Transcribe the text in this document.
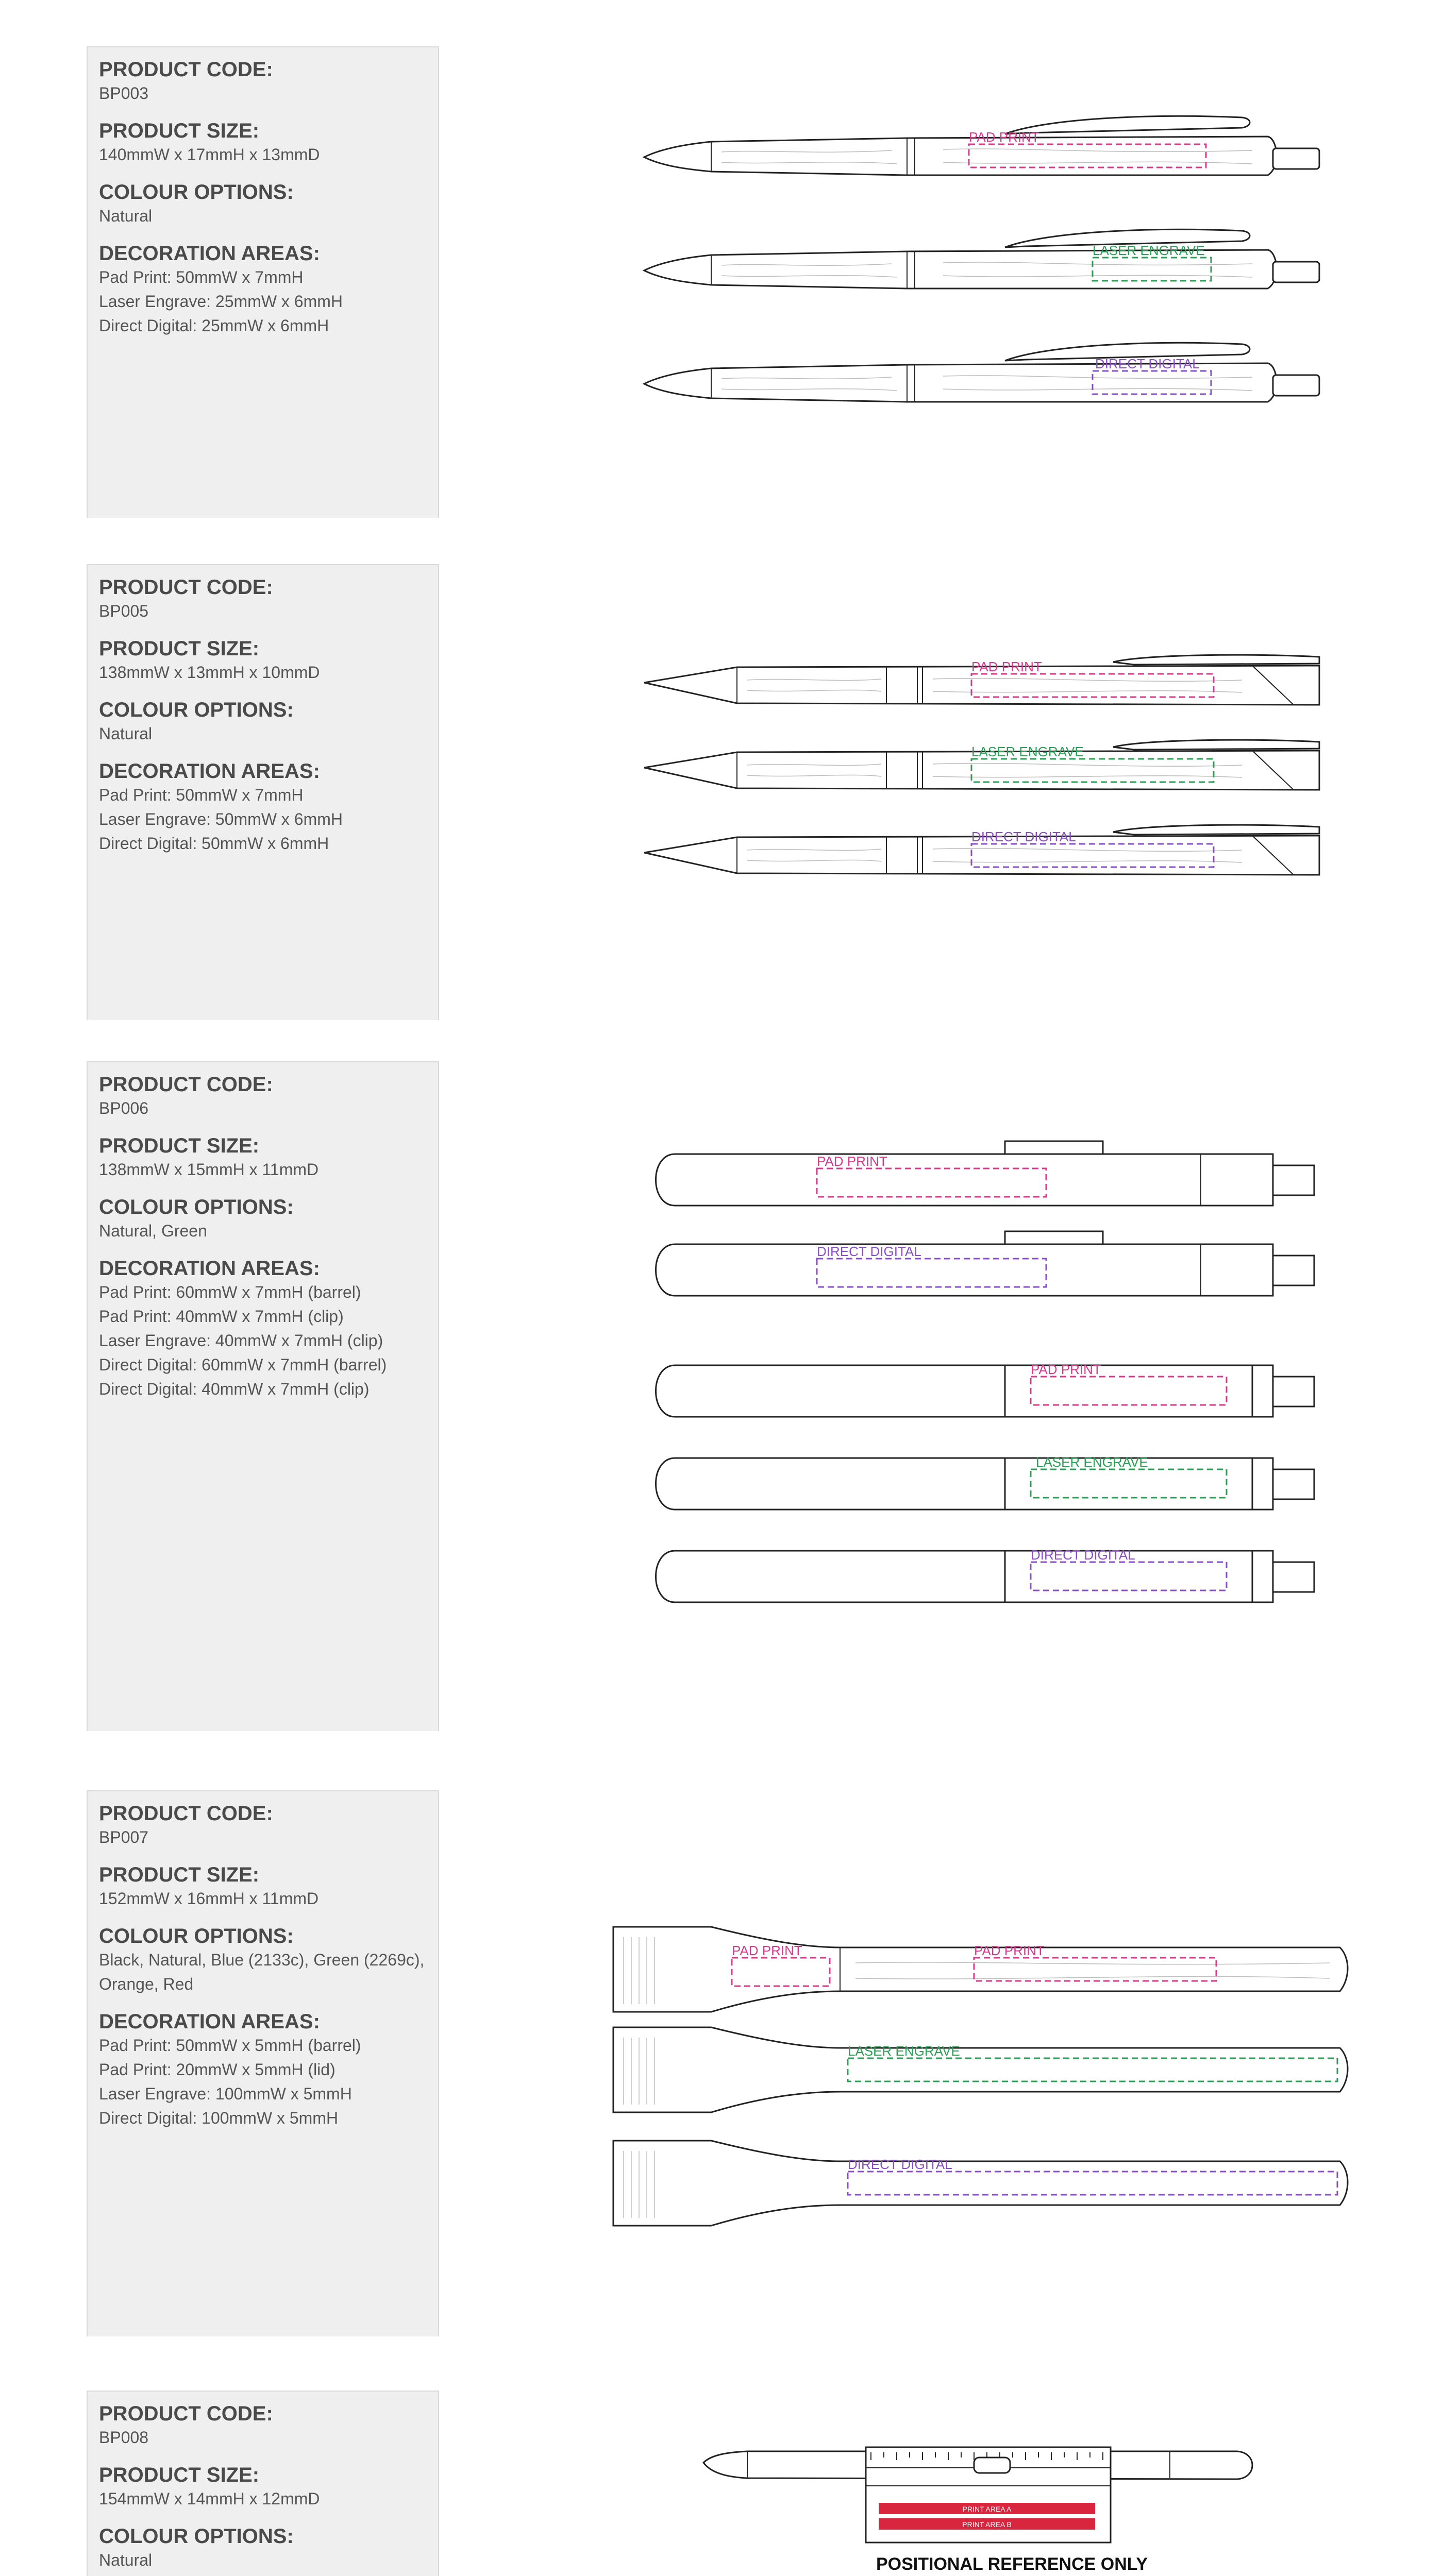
PRODUCT CODE:

BP003

PRODUCT SIZE:

140mmW x 17mmH x 13mmD

COLOUR OPTIONS:

Natural

DECORATION AREAS:

Pad Print: 50mmW x 7mmH
Laser Engrave: 25mmW x 6mmH
Direct Digital: 25mmW x 6mmH
PAD PRINT
LASER ENGRAVE
DIRECT DIGITAL

PRODUCT CODE:

BP005

PRODUCT SIZE:

138mmW x 13mmH x 10mmD

COLOUR OPTIONS:

Natural

DECORATION AREAS:

Pad Print: 50mmW x 7mmH
Laser Engrave: 50mmW x 6mmH
Direct Digital: 50mmW x 6mmH
PAD PRINT
LASER ENGRAVE
DIRECT DIGITAL

PRODUCT CODE:

BP006

PRODUCT SIZE:

138mmW x 15mmH x 11mmD

COLOUR OPTIONS:

Natural, Green

DECORATION AREAS:

Pad Print: 60mmW x 7mmH (barrel)
Pad Print: 40mmW x 7mmH (clip)
Laser Engrave: 40mmW x 7mmH (clip)
Direct Digital: 60mmW x 7mmH (barrel)
Direct Digital: 40mmW x 7mmH (clip)
PAD PRINT
DIRECT DIGITAL
PAD PRINT
LASER ENGRAVE
DIRECT DIGITAL

PRODUCT CODE:

BP007

PRODUCT SIZE:

152mmW x 16mmH x 11mmD

COLOUR OPTIONS:

Black, Natural, Blue (2133c), Green (2269c), Orange, Red

DECORATION AREAS:

Pad Print: 50mmW x 5mmH (barrel)
Pad Print: 20mmW x 5mmH (lid)
Laser Engrave: 100mmW x 5mmH
Direct Digital: 100mmW x 5mmH
PAD PRINT	PAD PRINT
LASER ENGRAVE
DIRECT DIGITAL

PRODUCT CODE:

BP008

PRODUCT SIZE:

154mmW x 14mmH x 12mmD

COLOUR OPTIONS:

Natural

PRINT AREA A
PRINT AREA B
POSITIONAL REFERENCE ONLY
